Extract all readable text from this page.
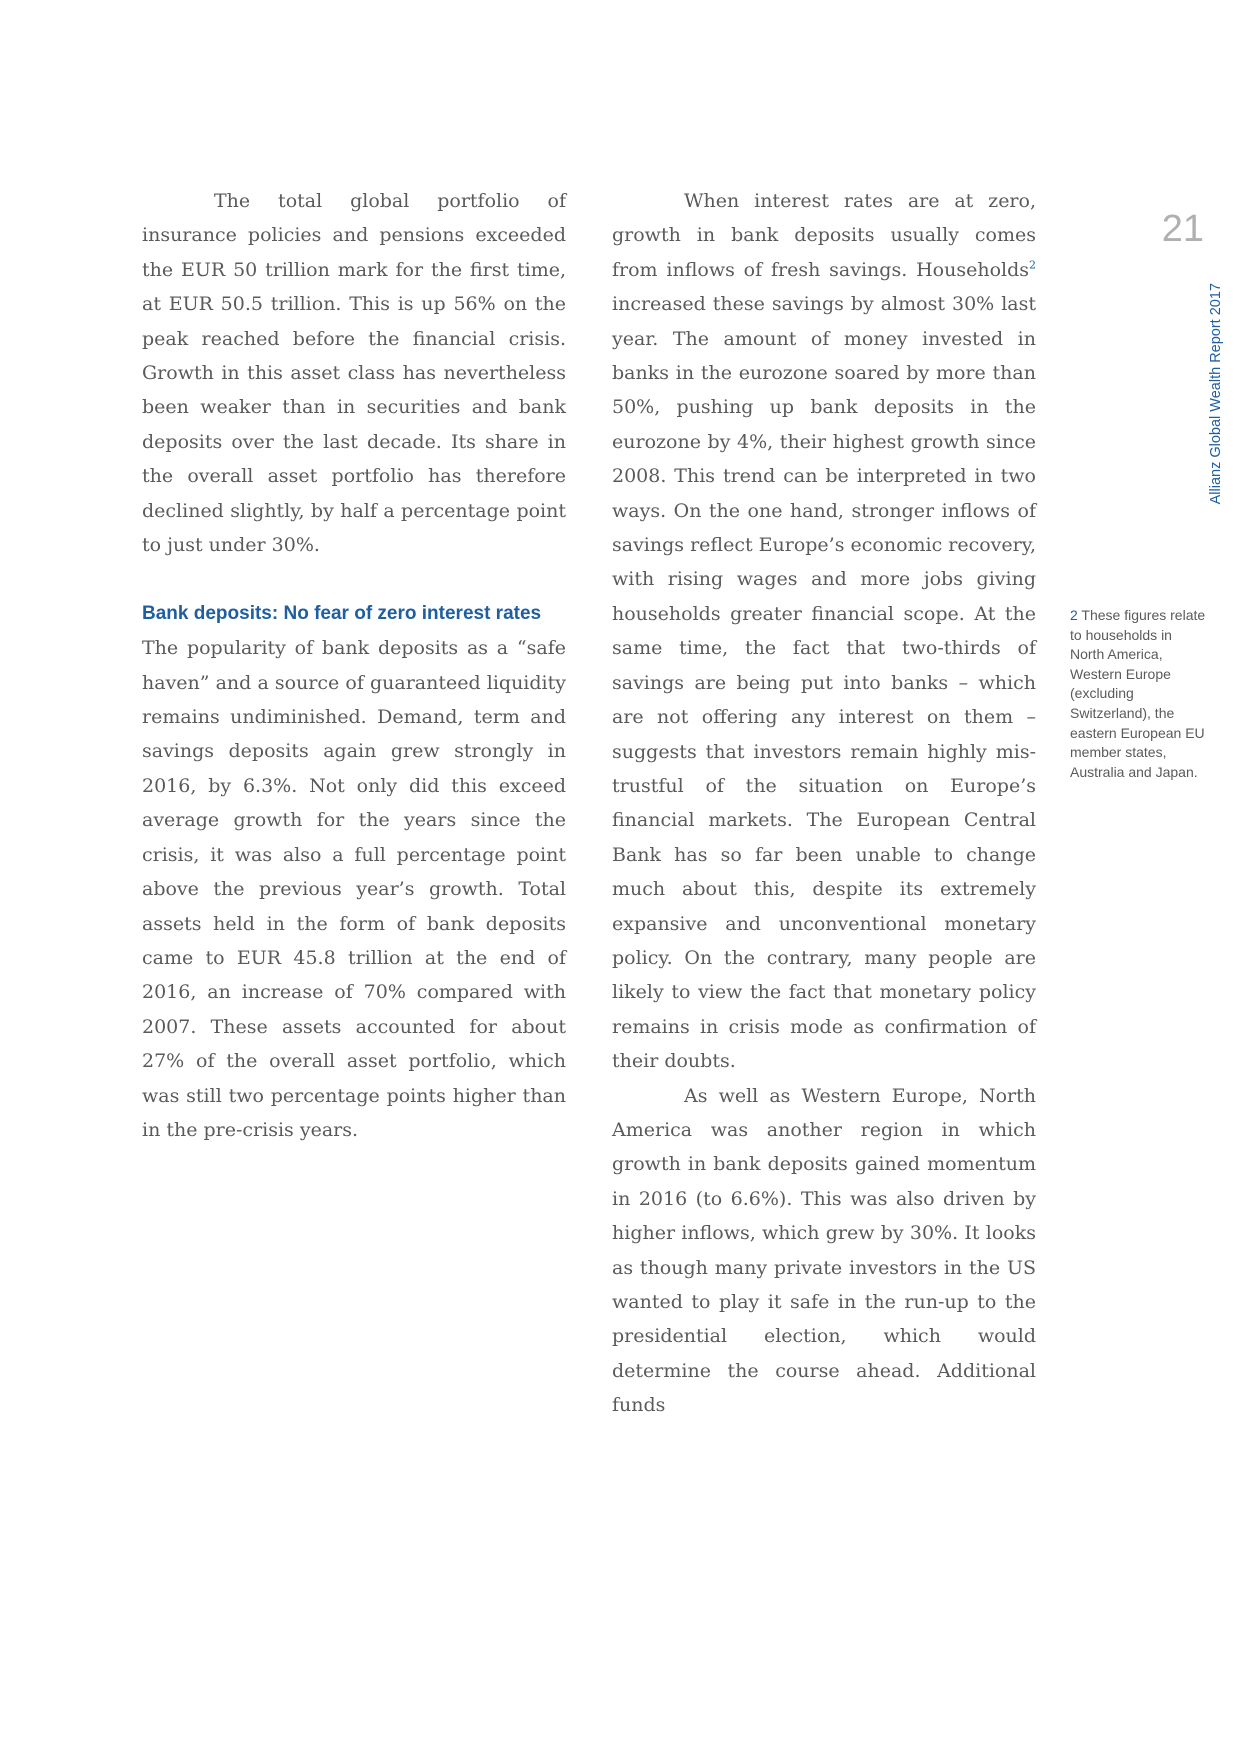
21

Allianz Global Wealth Report 2017

The total global portfolio of insurance policies and pensions exceeded the EUR 50 trillion mark for the first time, at EUR 50.5 trillion. This is up 56% on the peak reached before the financial crisis. Growth in this asset class has nevertheless been weaker than in securities and bank deposits over the last decade. Its share in the overall asset portfolio has therefore declined slightly, by half a percentage point to just under 30%.

Bank deposits: No fear of zero interest rates

The popularity of bank deposits as a “safe haven” and a source of guaranteed liquidity remains undiminished. Demand, term and savings deposits again grew strongly in 2016, by 6.3%. Not only did this exceed average growth for the years since the crisis, it was also a full percentage point above the previous year’s growth. Total assets held in the form of bank deposits came to EUR 45.8 trillion at the end of 2016, an increase of 70% compared with 2007. These assets accounted for about 27% of the overall asset portfolio, which was still two percentage points higher than in the pre-crisis years.

When interest rates are at zero, growth in bank deposits usually comes from inflows of fresh savings. Households$^2$ increased these savings by almost 30% last year. The amount of money invested in banks in the eurozone soared by more than 50%, pushing up bank deposits in the eurozone by 4%, their highest growth since 2008. This trend can be interpreted in two ways. On the one hand, stronger inflows of savings reflect Europe’s economic recovery, with rising wages and more jobs giving households greater financial scope. At the same time, the fact that two-thirds of savings are being put into banks – which are not offering any interest on them – suggests that investors remain highly mistrustful of the situation on Europe’s financial markets. The European Central Bank has so far been unable to change much about this, despite its extremely expansive and unconventional monetary policy. On the contrary, many people are likely to view the fact that monetary policy remains in crisis mode as confirmation of their doubts.

As well as Western Europe, North America was another region in which growth in bank deposits gained momentum in 2016 (to 6.6%). This was also driven by higher inflows, which grew by 30%. It looks as though many private investors in the US wanted to play it safe in the run-up to the presidential election, which would determine the course ahead. Additional funds

2 These figures relate to households in North America, Western Europe (excluding Switzerland), the eastern European EU member states, Australia and Japan.
